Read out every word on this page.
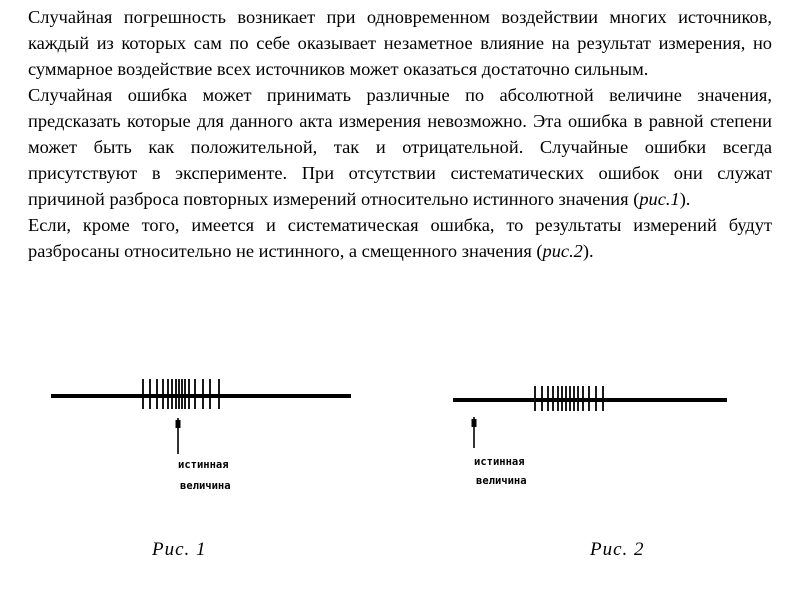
Случайная погрешность возникает при одновременном воздействии многих источников, каждый из которых сам по себе оказывает незаметное влияние на результат измерения, но суммарное воздействие всех источников может оказаться достаточно сильным.

Случайная ошибка может принимать различные по абсолютной величине значения, предсказать которые для данного акта измерения невозможно. Эта ошибка в равной степени может быть как положительной, так и отрицательной. Случайные ошибки всегда присутствуют в эксперименте. При отсутствии систематических ошибок они служат причиной разброса повторных измерений относительно истинного значения (рис.1).

Если, кроме того, имеется и систематическая ошибка, то результаты измерений будут разбросаны относительно не истинного, а смещенного значения (рис.2).

истинная
величина
истинная
величина
Рис. 1	Рис. 2
